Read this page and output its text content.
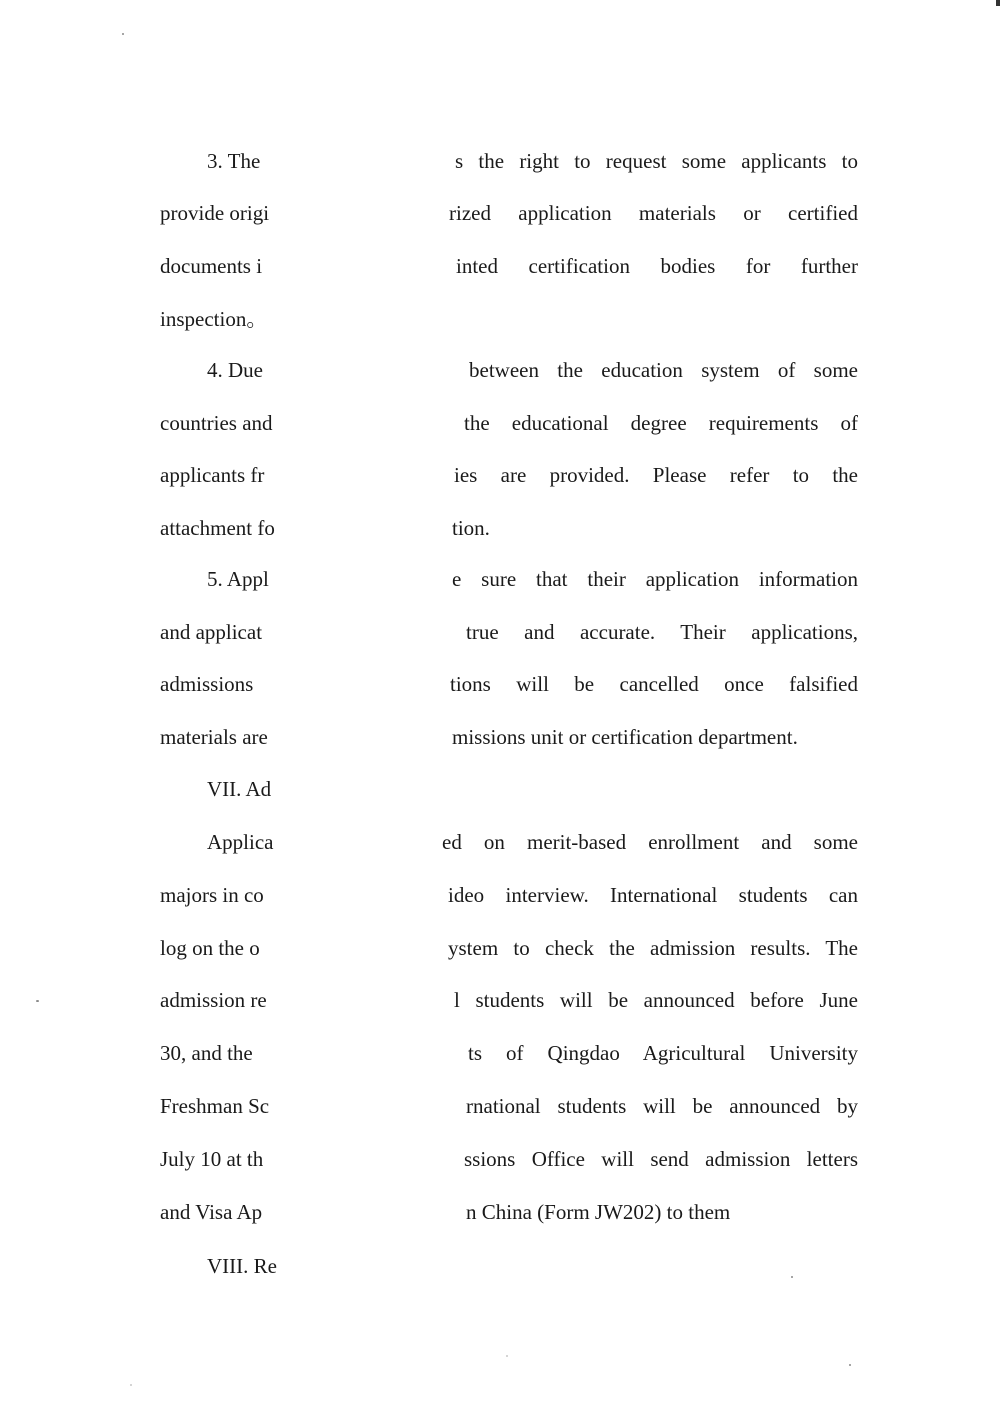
3. The	s the right to request some applicants to
provide origi	rized application materials or certified
documents i	inted certification bodies for further
inspection。
4. Due	between the education system of some
countries and	the educational degree requirements of
applicants fr	ies are provided. Please refer to the
attachment fo	tion.
5. Appl	e sure that their application information
and applicat	true and accurate. Their applications,
admissions	tions will be cancelled once falsified
materials are	missions unit or certification department.
VII. Ad
Applica	ed on merit-based enrollment and some
majors in co	ideo interview. International students can
log on the o	ystem to check the admission results. The
admission re	l students will be announced before June
30, and the	ts of Qingdao Agricultural University
Freshman Sc	rnational students will be announced by
July 10 at th	ssions Office will send admission letters
and Visa Ap	n China (Form JW202) to them
VIII. Re
